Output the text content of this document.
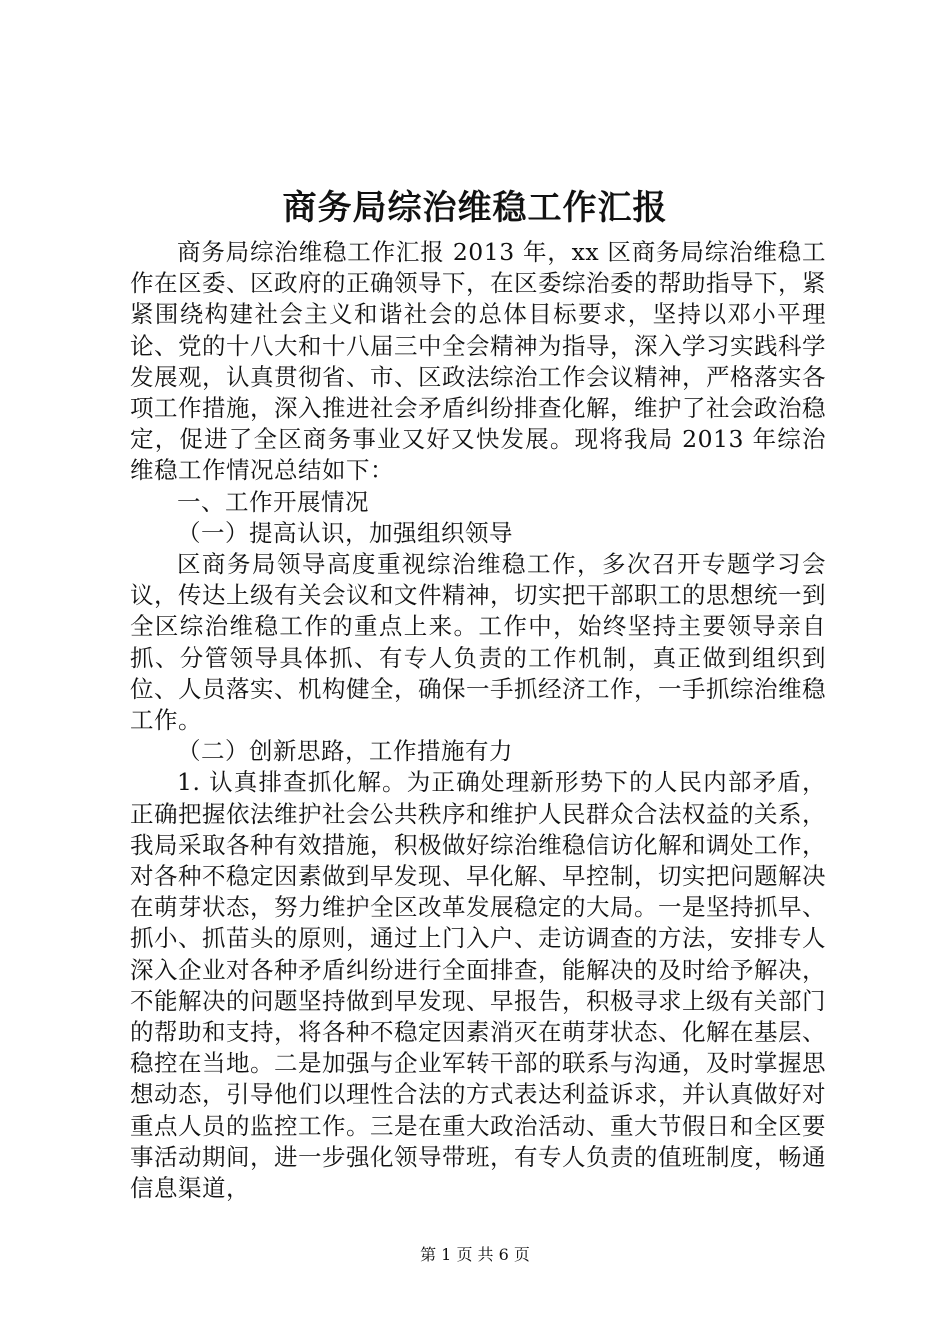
商务局综治维稳工作汇报

商务局综治维稳工作汇报 2013 年，xx 区商务局综治维稳工作在区委、区政府的正确领导下，在区委综治委的帮助指导下，紧紧围绕构建社会主义和谐社会的总体目标要求，坚持以邓小平理论、党的十八大和十八届三中全会精神为指导，深入学习实践科学发展观，认真贯彻省、市、区政法综治工作会议精神，严格落实各项工作措施，深入推进社会矛盾纠纷排查化解，维护了社会政治稳定，促进了全区商务事业又好又快发展。现将我局 2013 年综治维稳工作情况总结如下：

一、工作开展情况

（一）提高认识，加强组织领导

区商务局领导高度重视综治维稳工作，多次召开专题学习会议，传达上级有关会议和文件精神，切实把干部职工的思想统一到全区综治维稳工作的重点上来。工作中，始终坚持主要领导亲自抓、分管领导具体抓、有专人负责的工作机制，真正做到组织到位、人员落实、机构健全，确保一手抓经济工作，一手抓综治维稳工作。

（二）创新思路，工作措施有力

1. 认真排查抓化解。为正确处理新形势下的人民内部矛盾，正确把握依法维护社会公共秩序和维护人民群众合法权益的关系，我局采取各种有效措施，积极做好综治维稳信访化解和调处工作，对各种不稳定因素做到早发现、早化解、早控制，切实把问题解决在萌芽状态，努力维护全区改革发展稳定的大局。一是坚持抓早、抓小、抓苗头的原则，通过上门入户、走访调查的方法，安排专人深入企业对各种矛盾纠纷进行全面排查，能解决的及时给予解决，不能解决的问题坚持做到早发现、早报告，积极寻求上级有关部门的帮助和支持，将各种不稳定因素消灭在萌芽状态、化解在基层、稳控在当地。二是加强与企业军转干部的联系与沟通，及时掌握思想动态，引导他们以理性合法的方式表达利益诉求，并认真做好对重点人员的监控工作。三是在重大政治活动、重大节假日和全区要事活动期间，进一步强化领导带班，有专人负责的值班制度，畅通信息渠道，

第 1 页 共 6 页
